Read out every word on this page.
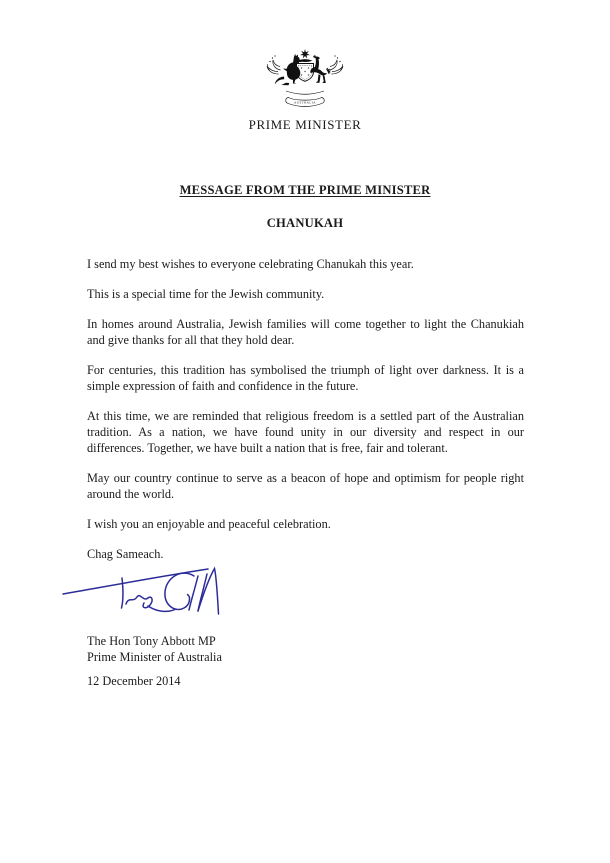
AUSTRALIA
PRIME MINISTER
MESSAGE FROM THE PRIME MINISTER
CHANUKAH

I send my best wishes to everyone celebrating Chanukah this year.

This is a special time for the Jewish community.

In homes around Australia, Jewish families will come together to light the Chanukiah and give thanks for all that they hold dear.

For centuries, this tradition has symbolised the triumph of light over darkness. It is a simple expression of faith and confidence in the future.

At this time, we are reminded that religious freedom is a settled part of the Australian tradition. As a nation, we have found unity in our diversity and respect in our differences. Together, we have built a nation that is free, fair and tolerant.

May our country continue to serve as a beacon of hope and optimism for people right around the world.

I wish you an enjoyable and peaceful celebration.

Chag Sameach.

The Hon Tony Abbott MP
Prime Minister of Australia
12 December 2014
